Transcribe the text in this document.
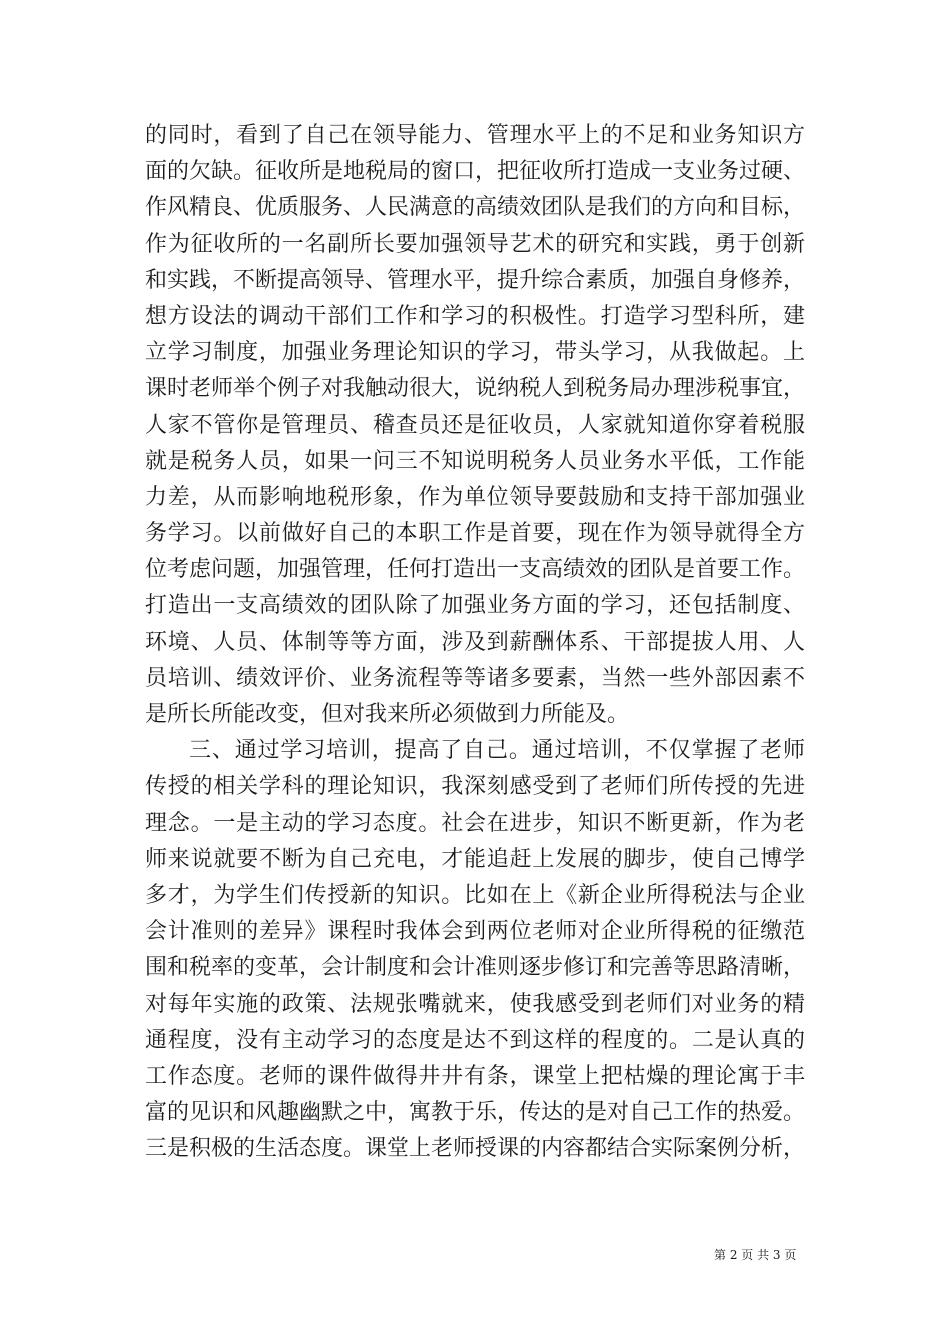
的同时，看到了自己在领导能力、管理水平上的不足和业务知识方
面的欠缺。征收所是地税局的窗口，把征收所打造成一支业务过硬、
作风精良、优质服务、人民满意的高绩效团队是我们的方向和目标，
作为征收所的一名副所长要加强领导艺术的研究和实践，勇于创新
和实践，不断提高领导、管理水平，提升综合素质，加强自身修养，
想方设法的调动干部们工作和学习的积极性。打造学习型科所，建
立学习制度，加强业务理论知识的学习，带头学习，从我做起。上
课时老师举个例子对我触动很大，说纳税人到税务局办理涉税事宜，
人家不管你是管理员、稽查员还是征收员，人家就知道你穿着税服
就是税务人员，如果一问三不知说明税务人员业务水平低，工作能
力差，从而影响地税形象，作为单位领导要鼓励和支持干部加强业
务学习。以前做好自己的本职工作是首要，现在作为领导就得全方
位考虑问题，加强管理，任何打造出一支高绩效的团队是首要工作。
打造出一支高绩效的团队除了加强业务方面的学习，还包括制度、
环境、人员、体制等等方面，涉及到薪酬体系、干部提拔人用、人
员培训、绩效评价、业务流程等等诸多要素，当然一些外部因素不
是所长所能改变，但对我来所必须做到力所能及。
三、通过学习培训，提高了自己。通过培训，不仅掌握了老师
传授的相关学科的理论知识，我深刻感受到了老师们所传授的先进
理念。一是主动的学习态度。社会在进步，知识不断更新，作为老
师来说就要不断为自己充电，才能追赶上发展的脚步，使自己博学
多才，为学生们传授新的知识。比如在上《新企业所得税法与企业
会计准则的差异》课程时我体会到两位老师对企业所得税的征缴范
围和税率的变革，会计制度和会计准则逐步修订和完善等思路清晰，
对每年实施的政策、法规张嘴就来，使我感受到老师们对业务的精
通程度，没有主动学习的态度是达不到这样的程度的。二是认真的
工作态度。老师的课件做得井井有条，课堂上把枯燥的理论寓于丰
富的见识和风趣幽默之中，寓教于乐，传达的是对自己工作的热爱。
三是积极的生活态度。课堂上老师授课的内容都结合实际案例分析，
第 2 页 共 3 页
